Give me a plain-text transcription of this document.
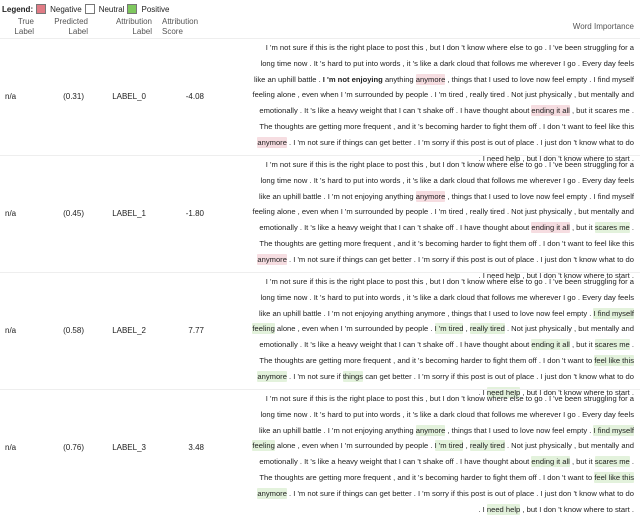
Legend: Negative Neutral Positive
True
Label
Predicted
Label
Attribution
Label
Attribution
Score
Word Importance
n/a	(0.31)	LABEL_0	-4.08
I 'm not sure if this is the right place to post this , but I don 't know where else to go . I 've been struggling for a
long time now . It 's hard to put into words , it 's like a dark cloud that follows me wherever I go . Every day feels
like an uphill battle . I 'm not enjoying anything anymore , things that I used to love now feel empty . I find myself
feeling alone , even when I 'm surrounded by people . I 'm tired , really tired . Not just physically , but mentally and
emotionally . It 's like a heavy weight that I can 't shake off . I have thought about ending it all , but it scares me .
The thoughts are getting more frequent , and it 's becoming harder to fight them off . I don 't want to feel like this
anymore . I 'm not sure if things can get better . I 'm sorry if this post is out of place . I just don 't know what to do
. I need help , but I don 't know where to start .
n/a	(0.45)	LABEL_1	-1.80
I 'm not sure if this is the right place to post this , but I don 't know where else to go . I 've been struggling for a
long time now . It 's hard to put into words , it 's like a dark cloud that follows me wherever I go . Every day feels
like an uphill battle . I 'm not enjoying anything anymore , things that I used to love now feel empty . I find myself
feeling alone , even when I 'm surrounded by people . I 'm tired , really tired . Not just physically , but mentally and
emotionally . It 's like a heavy weight that I can 't shake off . I have thought about ending it all , but it scares me .
The thoughts are getting more frequent , and it 's becoming harder to fight them off . I don 't want to feel like this
anymore . I 'm not sure if things can get better . I 'm sorry if this post is out of place . I just don 't know what to do
. I need help , but I don 't know where to start .
n/a	(0.58)	LABEL_2	7.77
I 'm not sure if this is the right place to post this , but I don 't know where else to go . I 've been struggling for a
long time now . It 's hard to put into words , it 's like a dark cloud that follows me wherever I go . Every day feels
like an uphill battle . I 'm not enjoying anything anymore , things that I used to love now feel empty . I find myself
feeling alone , even when I 'm surrounded by people . I 'm tired , really tired . Not just physically , but mentally and
emotionally . It 's like a heavy weight that I can 't shake off . I have thought about ending it all , but it scares me .
The thoughts are getting more frequent , and it 's becoming harder to fight them off . I don 't want to feel like this
anymore . I 'm not sure if things can get better . I 'm sorry if this post is out of place . I just don 't know what to do
. I need help , but I don 't know where to start .
n/a	(0.76)	LABEL_3	3.48
I 'm not sure if this is the right place to post this , but I don 't know where else to go . I 've been struggling for a
long time now . It 's hard to put into words , it 's like a dark cloud that follows me wherever I go . Every day feels
like an uphill battle . I 'm not enjoying anything anymore , things that I used to love now feel empty . I find myself
feeling alone , even when I 'm surrounded by people . I 'm tired , really tired . Not just physically , but mentally and
emotionally . It 's like a heavy weight that I can 't shake off . I have thought about ending it all , but it scares me .
The thoughts are getting more frequent , and it 's becoming harder to fight them off . I don 't want to feel like this
anymore . I 'm not sure if things can get better . I 'm sorry if this post is out of place . I just don 't know what to do
. I need help , but I don 't know where to start .
